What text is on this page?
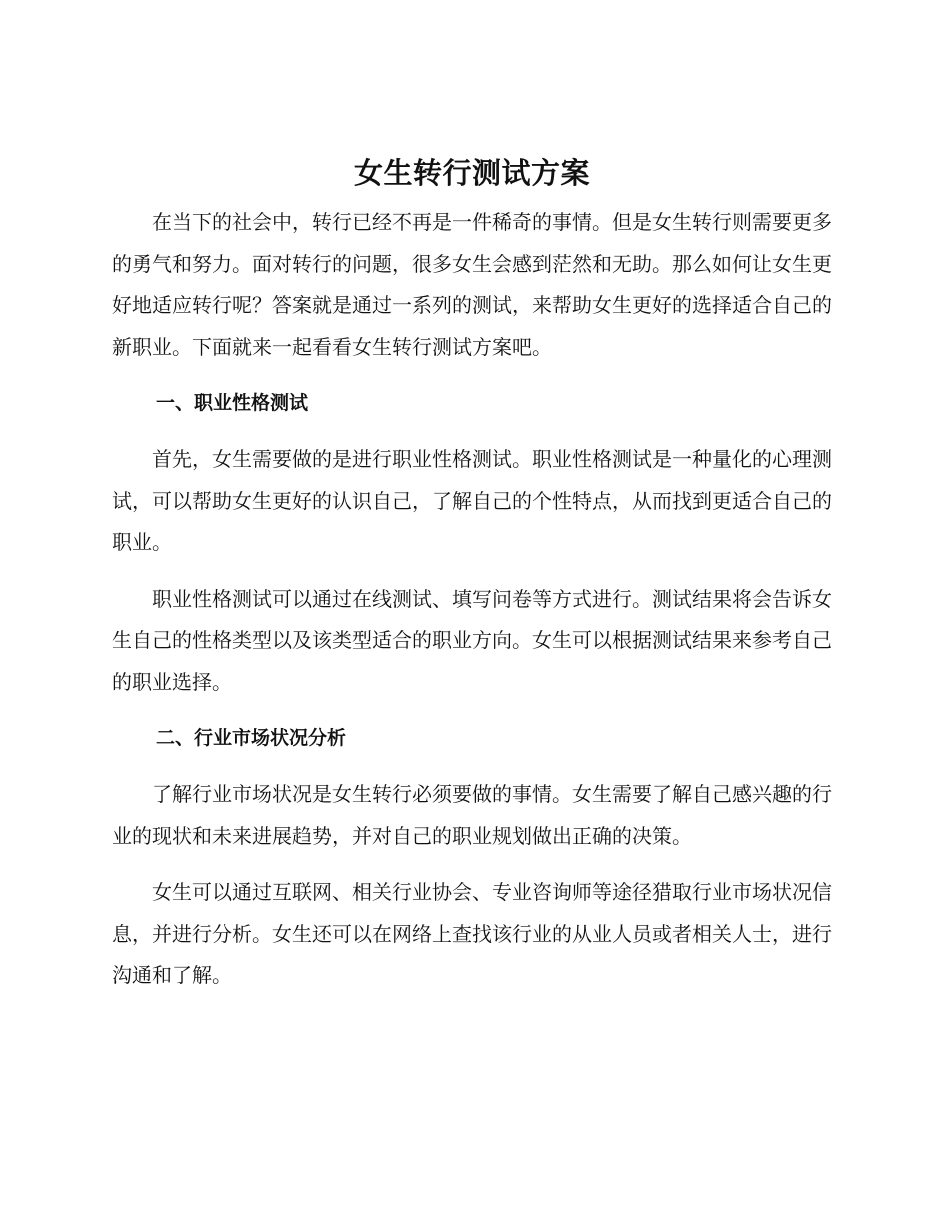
女生转行测试方案

在当下的社会中，转行已经不再是一件稀奇的事情。但是女生转行则需要更多的勇气和努力。面对转行的问题，很多女生会感到茫然和无助。那么如何让女生更好地适应转行呢？答案就是通过一系列的测试，来帮助女生更好的选择适合自己的新职业。下面就来一起看看女生转行测试方案吧。

一、职业性格测试

首先，女生需要做的是进行职业性格测试。职业性格测试是一种量化的心理测试，可以帮助女生更好的认识自己，了解自己的个性特点，从而找到更适合自己的职业。

职业性格测试可以通过在线测试、填写问卷等方式进行。测试结果将会告诉女生自己的性格类型以及该类型适合的职业方向。女生可以根据测试结果来参考自己的职业选择。

二、行业市场状况分析

了解行业市场状况是女生转行必须要做的事情。女生需要了解自己感兴趣的行业的现状和未来进展趋势，并对自己的职业规划做出正确的决策。

女生可以通过互联网、相关行业协会、专业咨询师等途径猎取行业市场状况信息，并进行分析。女生还可以在网络上查找该行业的从业人员或者相关人士，进行沟通和了解。
